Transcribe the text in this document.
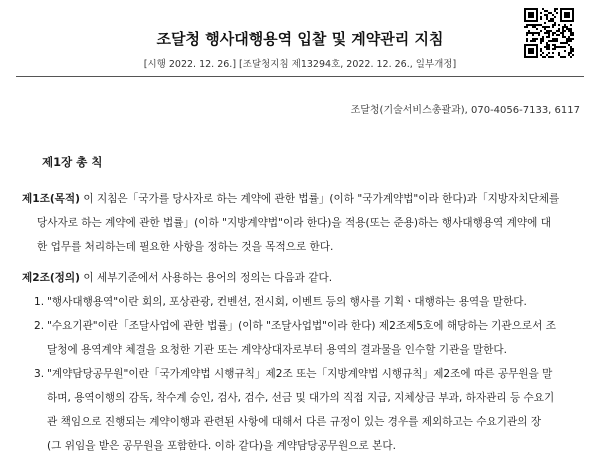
조달청 행사대행용역 입찰 및 계약관리 지침
[시행 2022. 12. 26.] [조달청지침 제13294호, 2022. 12. 26., 일부개정]
조달청(기술서비스총괄과), 070-4056-7133, 6117
제1장 총 칙
제1조(목적) 이 지침은「국가를 당사자로 하는 계약에 관한 법률」(이하 "국가계약법"이라 한다)과「지방자치단체를
당사자로 하는 계약에 관한 법률」(이하 "지방계약법"이라 한다)을 적용(또는 준용)하는 행사대행용역 계약에 대
한 업무를 처리하는데 필요한 사항을 정하는 것을 목적으로 한다.
제2조(정의) 이 세부기준에서 사용하는 용어의 정의는 다음과 같다.
1. "행사대행용역"이란 회의, 포상관광, 컨벤션, 전시회, 이벤트 등의 행사를 기획ㆍ대행하는 용역을 말한다.
2. "수요기관"이란「조달사업에 관한 법률」(이하 "조달사업법"이라 한다) 제2조제5호에 해당하는 기관으로서 조
달청에 용역계약 체결을 요청한 기관 또는 계약상대자로부터 용역의 결과물을 인수할 기관을 말한다.
3. "계약담당공무원"이란「국가계약법 시행규칙」제2조 또는「지방계약법 시행규칙」제2조에 따른 공무원을 말
하며, 용역이행의 감독, 착수계 승인, 검사, 검수, 선금 및 대가의 직접 지급, 지체상금 부과, 하자관리 등 수요기
관 책임으로 진행되는 계약이행과 관련된 사항에 대해서 다른 규정이 있는 경우를 제외하고는 수요기관의 장
(그 위임을 받은 공무원을 포함한다. 이하 같다)을 계약담당공무원으로 본다.
